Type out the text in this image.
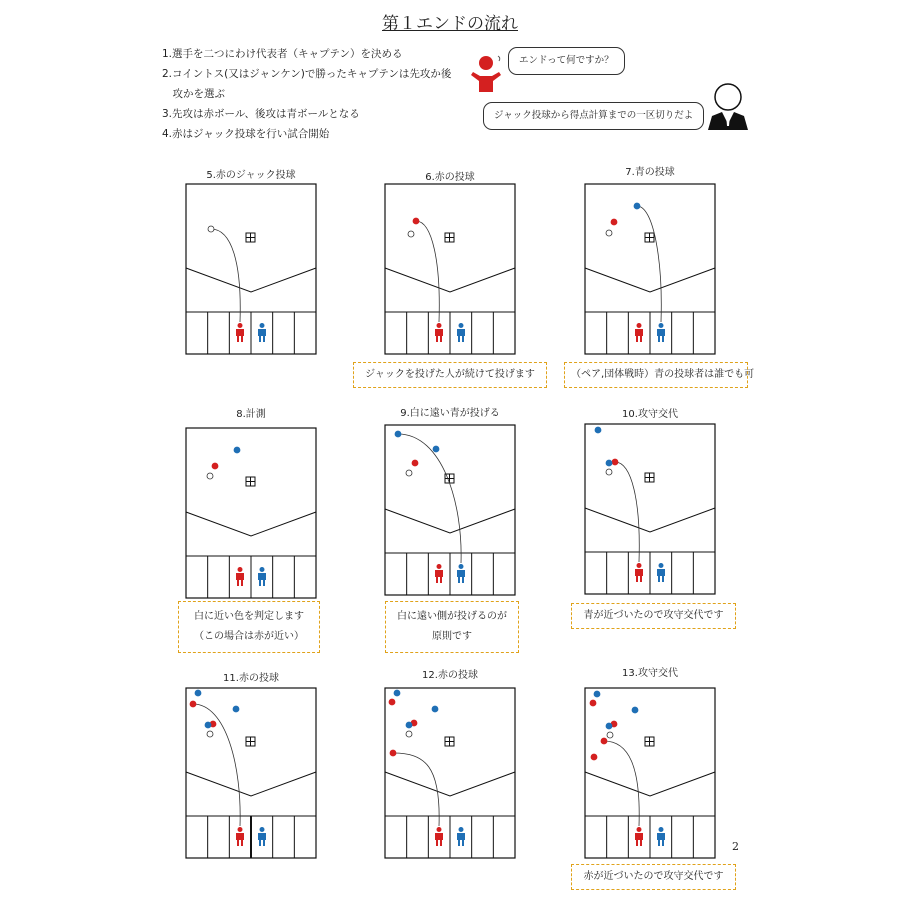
第１エンドの流れ
1.選手を二つにわけ代表者（キャプテン）を決める
2.コイントス(又はジャンケン)で勝ったキャプテンは先攻か後
　攻かを選ぶ
3.先攻は赤ボール、後攻は青ボールとなる
4.赤はジャック投球を行い試合開始
エンドって何ですか？
ジャック投球から得点計算までの一区切りだよ
5.赤のジャック投球	6.赤の投球
ジャックを投げた人が続けて投げます
7.青の投球
（ペア,団体戦時）青の投球者は誰でも可
8.計測
白に近い色を判定します
（この場合は赤が近い）
9.白に遠い青が投げる
白に遠い側が投げるのが
原則です
10.攻守交代
青が近づいたので攻守交代です
11.赤の投球	12.赤の投球	13.攻守交代
赤が近づいたので攻守交代です
2
